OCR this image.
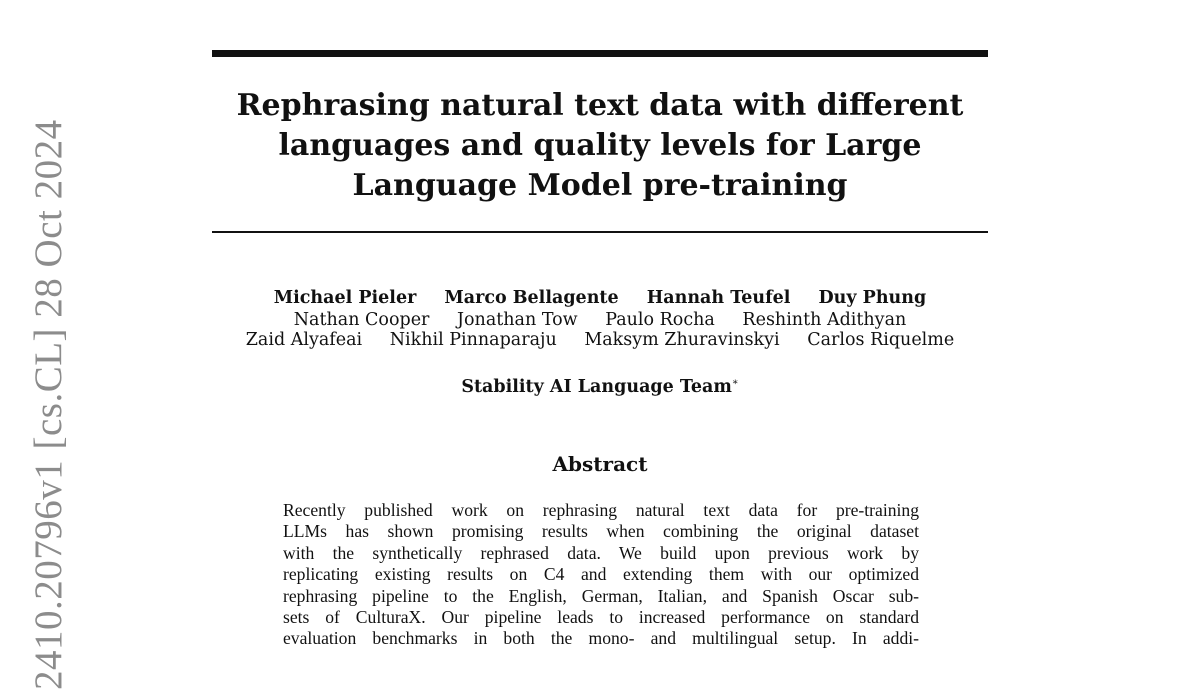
2410.20796v1 [cs.CL] 28 Oct 2024
Rephrasing natural text data with different
languages and quality levels for Large
Language Model pre-training
Michael Pieler Marco Bellagente Hannah Teufel Duy Phung
Nathan Cooper Jonathan Tow Paulo Rocha Reshinth Adithyan
Zaid Alyafeai Nikhil Pinnaparaju Maksym Zhuravinskyi Carlos Riquelme
Stability AI Language Team∗
Abstract
Recently published work on rephrasing natural text data for pre-training
LLMs has shown promising results when combining the original dataset
with the synthetically rephrased data. We build upon previous work by
replicating existing results on C4 and extending them with our optimized
rephrasing pipeline to the English, German, Italian, and Spanish Oscar sub-
sets of CulturaX. Our pipeline leads to increased performance on standard
evaluation benchmarks in both the mono- and multilingual setup. In addi-
